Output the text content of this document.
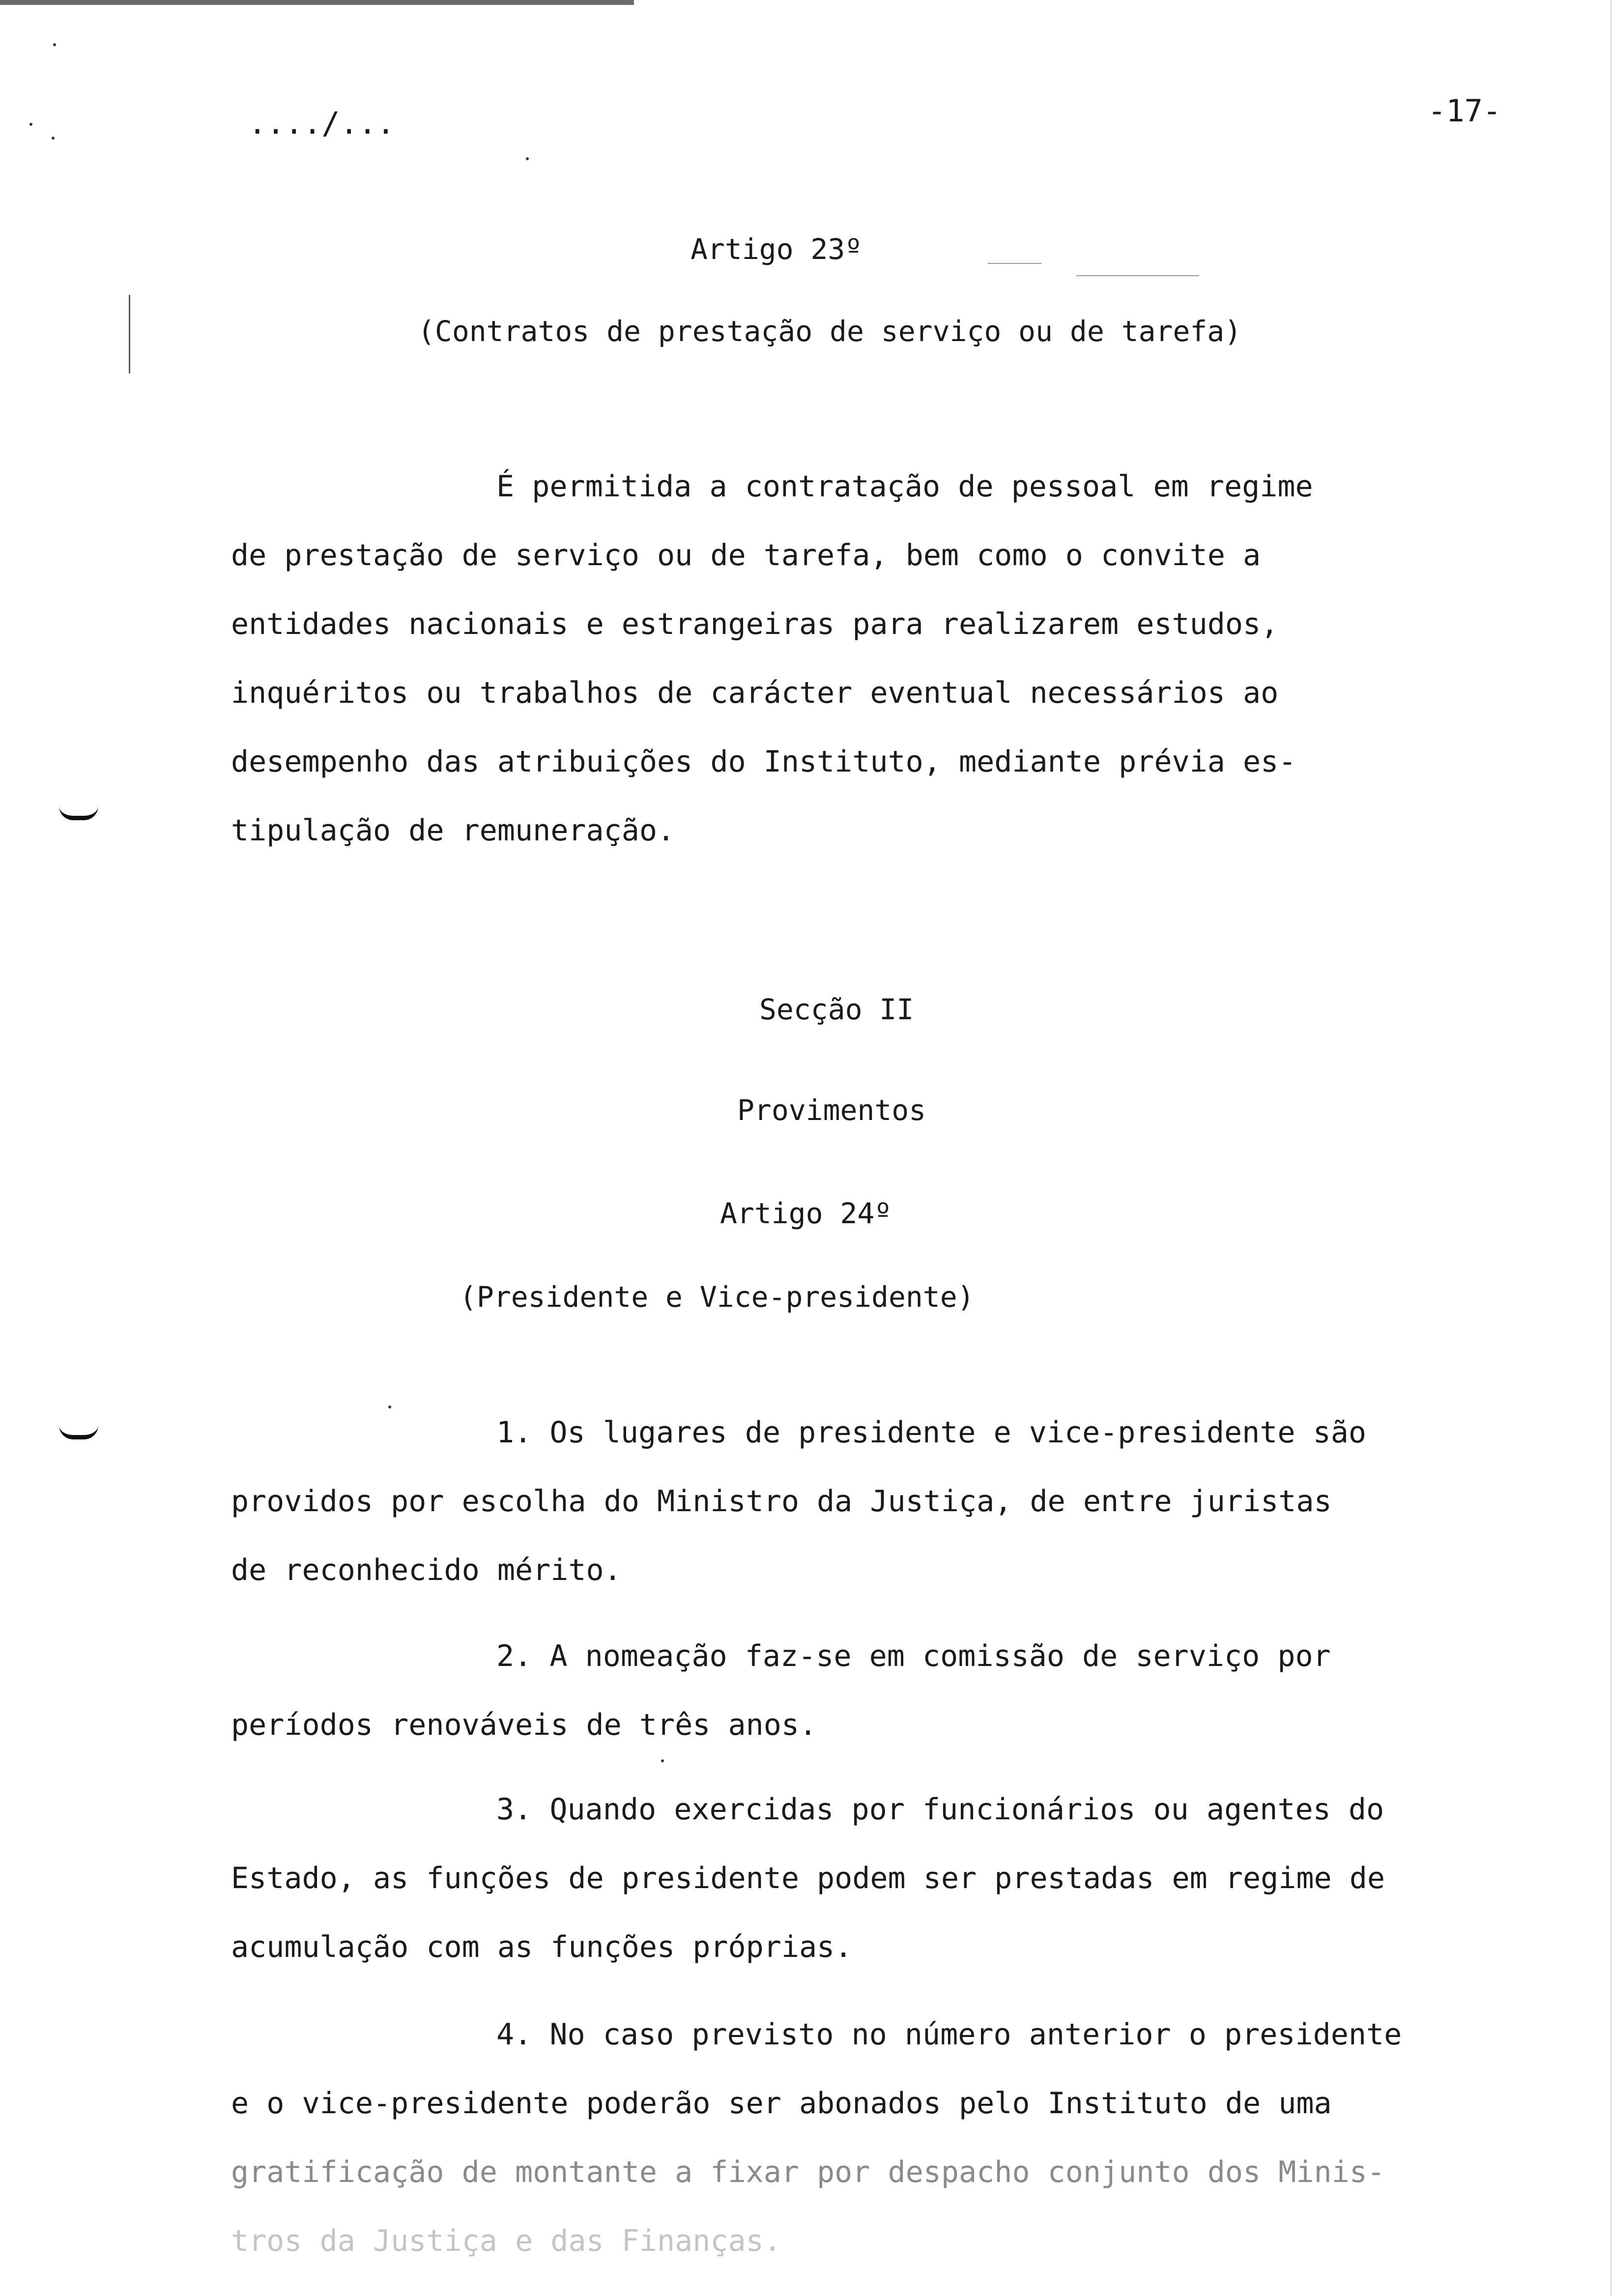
..../...	-17-
Artigo 23º
(Contratos de prestação de serviço ou de tarefa)
É permitida a contratação de pessoal em regime
de prestação de serviço ou de tarefa, bem como o convite a
entidades nacionais e estrangeiras para realizarem estudos,
inquéritos ou trabalhos de carácter eventual necessários ao
desempenho das atribuições do Instituto, mediante prévia es-
tipulação de remuneração.
Secção II
Provimentos
Artigo 24º
(Presidente e Vice-presidente)
1. Os lugares de presidente e vice-presidente são
providos por escolha do Ministro da Justiça, de entre juristas
de reconhecido mérito.
2. A nomeação faz-se em comissão de serviço por
períodos renováveis de três anos.
3. Quando exercidas por funcionários ou agentes do
Estado, as funções de presidente podem ser prestadas em regime de
acumulação com as funções próprias.
4. No caso previsto no número anterior o presidente
e o vice-presidente poderão ser abonados pelo Instituto de uma
gratificação de montante a fixar por despacho conjunto dos Minis-
tros da Justiça e das Finanças.
